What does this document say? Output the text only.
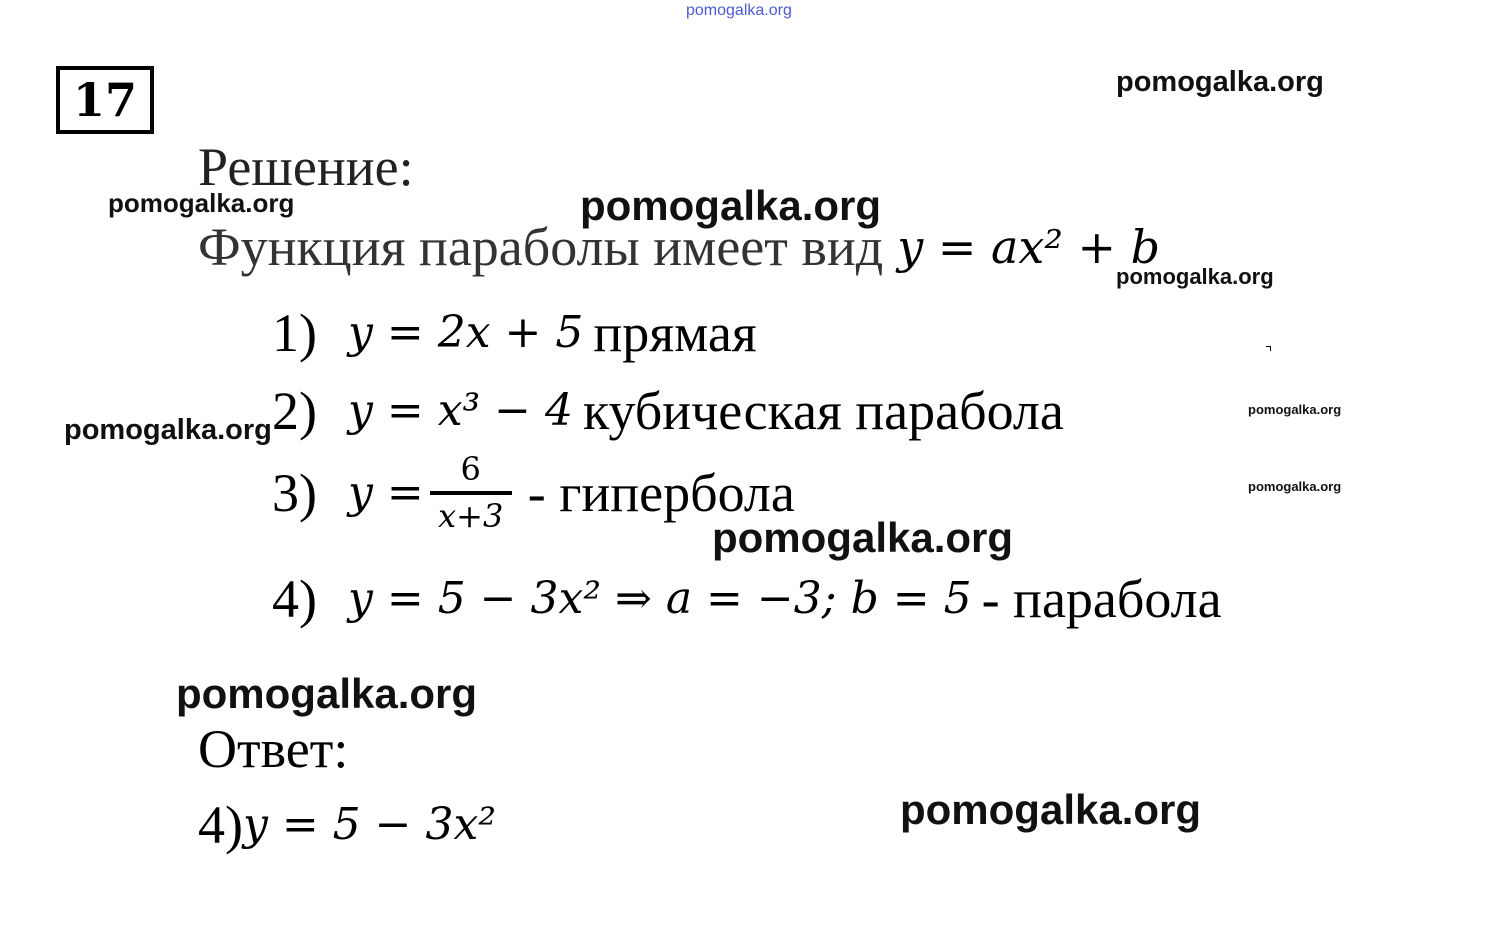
17
pomogalka.org
pomogalka.org
pomogalka.org	pomogalka.org
pomogalka.org
pomogalka.org
pomogalka.org
pomogalka.org
pomogalka.org
pomogalka.org
pomogalka.org
Решение:
Функция параболы имеет вид y = ax² + b
1) y = 2x + 5 прямая
2) y = x³ − 4 кубическая парабола
3) $y = \frac{6}{x+3}$ - гипербола
4) y = 5 − 3x² ⇒ a = −3; b = 5 - парабола
Ответ:
4) y = 5 − 3x²
